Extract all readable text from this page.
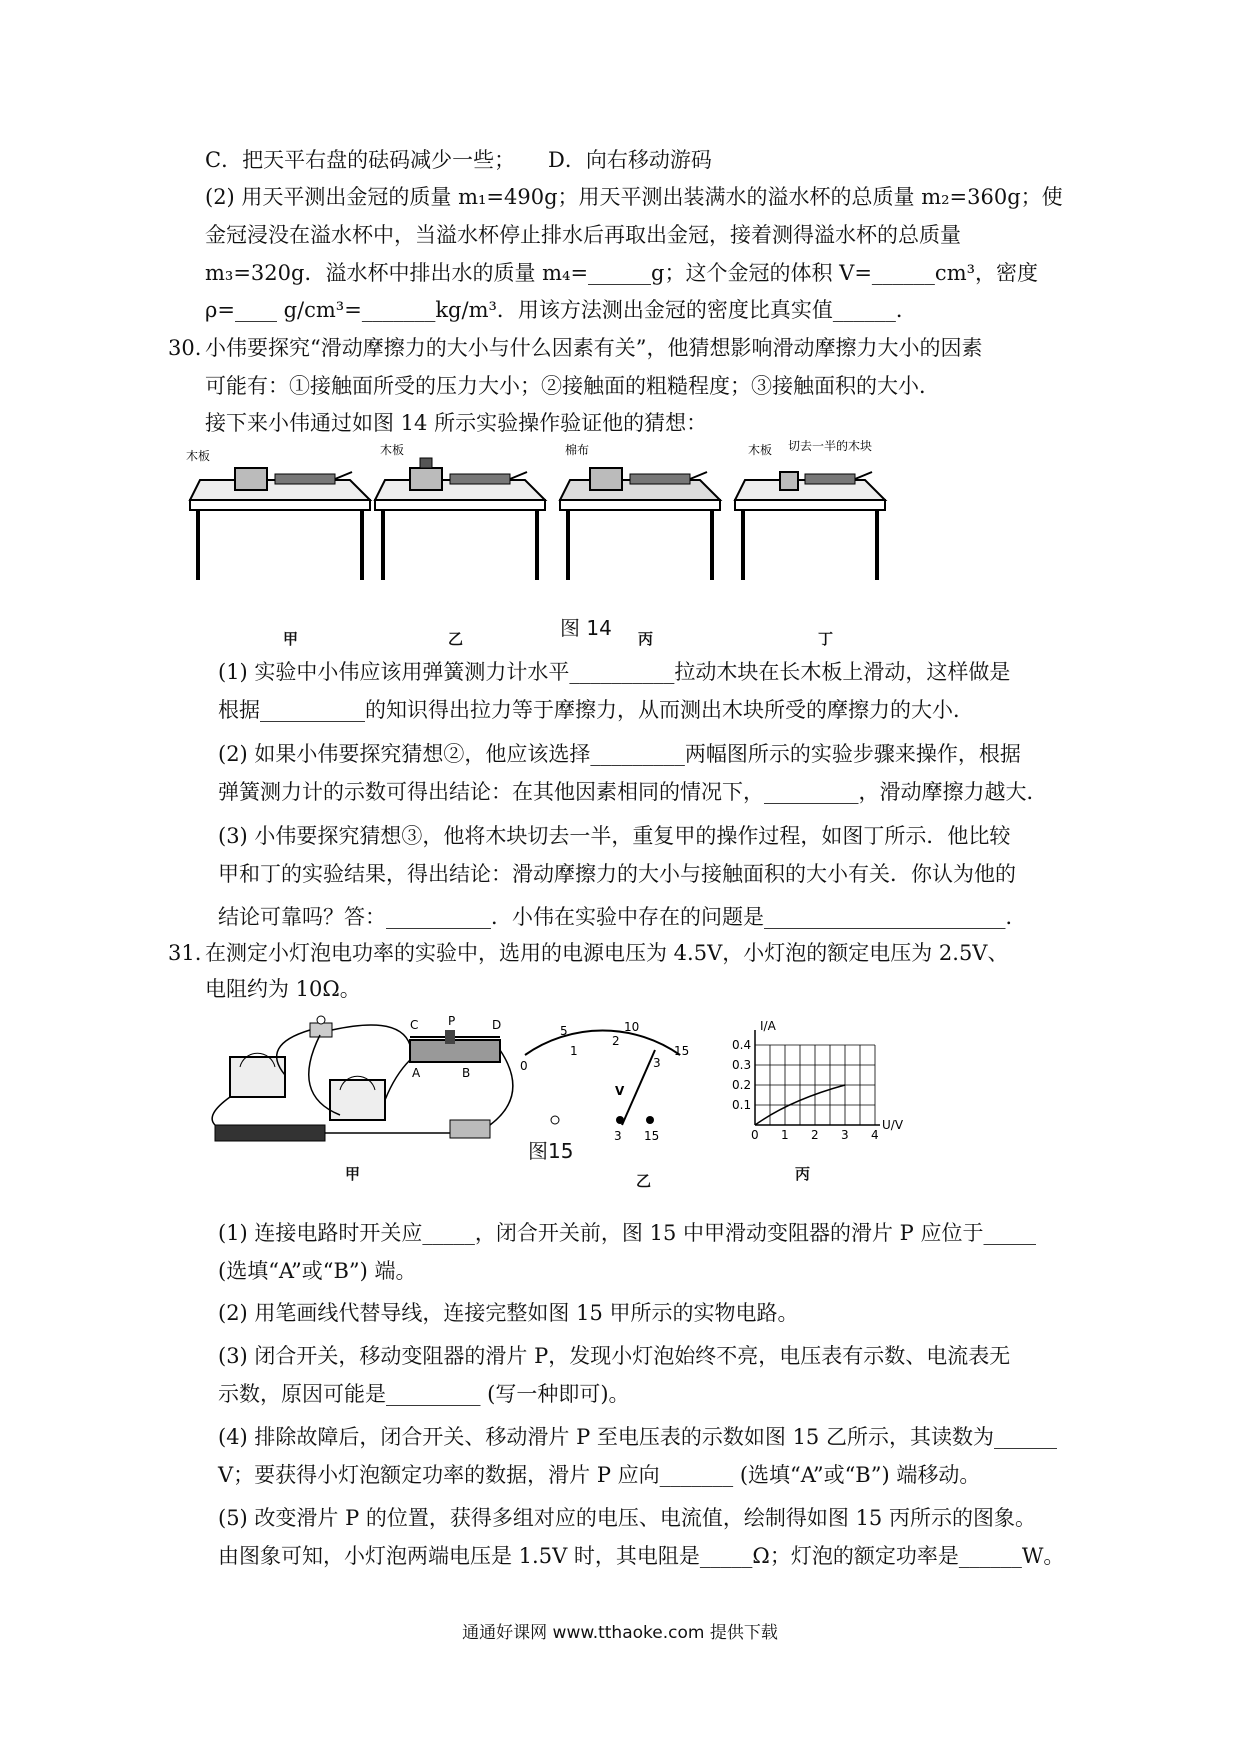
C．把天平右盘的砝码减少一些； D．向右移动游码
(2) 用天平测出金冠的质量 m₁=490g；用天平测出装满水的溢水杯的总质量 m₂=360g；使
金冠浸没在溢水杯中，当溢水杯停止排水后再取出金冠，接着测得溢水杯的总质量
m₃=320g．溢水杯中排出水的质量 m₄=______g；这个金冠的体积 V=______cm³，密度
ρ=____ g/cm³=_______kg/m³．用该方法测出金冠的密度比真实值______．
30. 小伟要探究“滑动摩擦力的大小与什么因素有关”，他猜想影响滑动摩擦力大小的因素
可能有：①接触面所受的压力大小；②接触面的粗糙程度；③接触面积的大小．
接下来小伟通过如图 14 所示实验操作验证他的猜想：
木板	木板	棉布	木板 切去一半的木块
图 14
甲	乙	丙	丁
(1) 实验中小伟应该用弹簧测力计水平__________拉动木块在长木板上滑动，这样做是
根据__________的知识得出拉力等于摩擦力，从而测出木块所受的摩擦力的大小．
(2) 如果小伟要探究猜想②，他应该选择_________两幅图所示的实验步骤来操作，根据
弹簧测力计的示数可得出结论：在其他因素相同的情况下，_________，滑动摩擦力越大．
(3) 小伟要探究猜想③，他将木块切去一半，重复甲的操作过程，如图丁所示．他比较
甲和丁的实验结果，得出结论：滑动摩擦力的大小与接触面积的大小有关．你认为他的
结论可靠吗？答：__________．小伟在实验中存在的问题是_______________________．
31. 在测定小灯泡电功率的实验中，选用的电源电压为 4.5V，小灯泡的额定电压为 2.5V、
电阻约为 10Ω。
C P	D
A	B	0
5	10
15
1
2
3
V
3 15
I/A
U/V
0.4
0.3
0.2
0.1
0 1 2 3 4
图15
甲	乙	丙
(1) 连接电路时开关应_____，闭合开关前，图 15 中甲滑动变阻器的滑片 P 应位于_____
(选填“A”或“B”) 端。
(2) 用笔画线代替导线，连接完整如图 15 甲所示的实物电路。
(3) 闭合开关，移动变阻器的滑片 P，发现小灯泡始终不亮，电压表有示数、电流表无
示数，原因可能是_________ (写一种即可)。
(4) 排除故障后，闭合开关、移动滑片 P 至电压表的示数如图 15 乙所示，其读数为______
V；要获得小灯泡额定功率的数据，滑片 P 应向_______ (选填“A”或“B”) 端移动。
(5) 改变滑片 P 的位置，获得多组对应的电压、电流值，绘制得如图 15 丙所示的图象。
由图象可知，小灯泡两端电压是 1.5V 时，其电阻是_____Ω；灯泡的额定功率是______W。
通通好课网 www.tthaoke.com 提供下载
